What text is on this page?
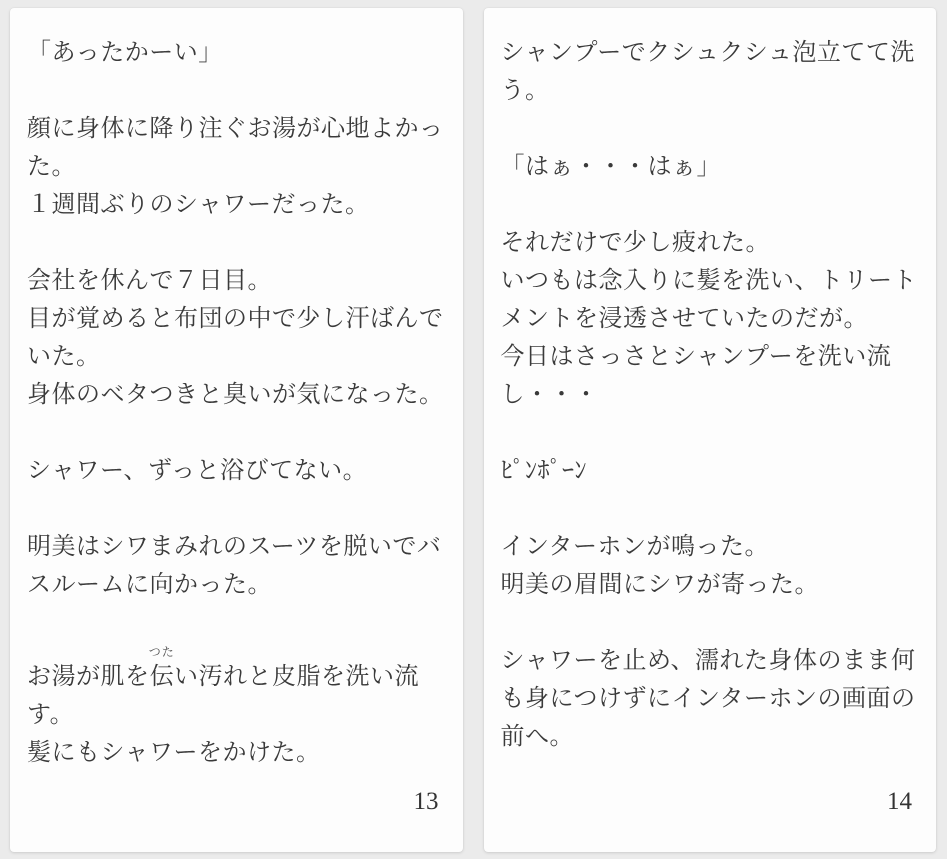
「あったかーい」
顔に身体に降り注ぐお湯が心地よかっ
た。
１週間ぶりのシャワーだった。
会社を休んで７日目。
目が覚めると布団の中で少し汗ばんで
いた。
身体のベタつきと臭いが気になった。
シャワー、ずっと浴びてない。
明美はシワまみれのスーツを脱いでバ
スルームに向かった。
お湯が肌を伝
つた
い汚れと皮脂を洗い流
す。
髪にもシャワーをかけた。
13
シャンプーでクシュクシュ泡立てて洗
う。
「はぁ・・・はぁ」
それだけで少し疲れた。
いつもは念入りに髪を洗い、トリート
メントを浸透させていたのだが。
今日はさっさとシャンプーを洗い流
し・・・
ﾋﾟﾝﾎﾟｰﾝ
インターホンが鳴った。
明美の眉間にシワが寄った。
シャワーを止め、濡れた身体のまま何
も身につけずにインターホンの画面の
前へ。
14
